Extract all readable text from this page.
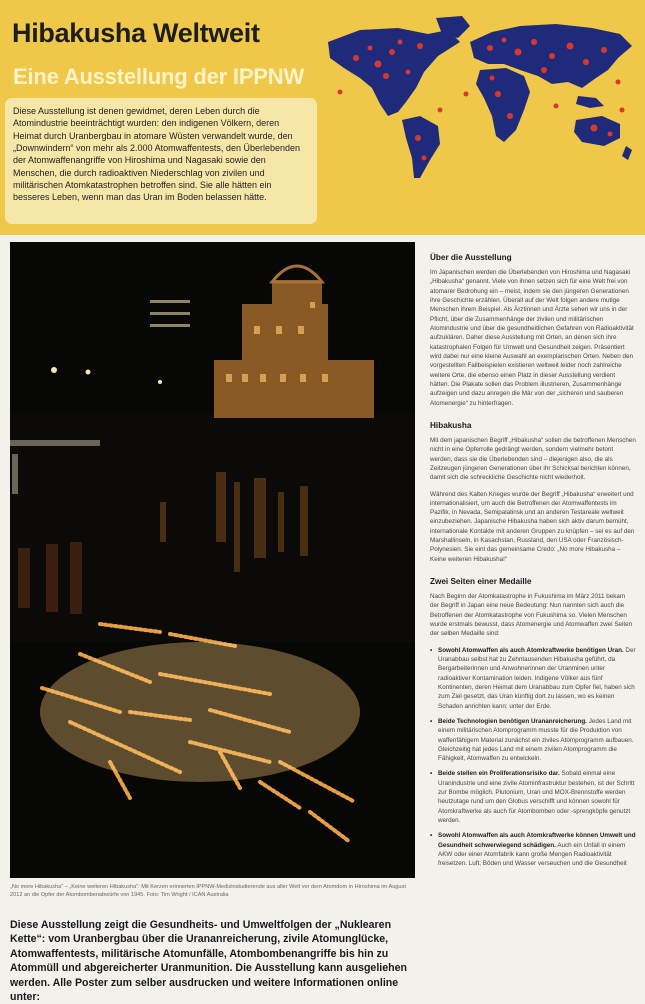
Hibakusha Weltweit
Eine Ausstellung der IPPNW
Diese Ausstellung ist denen gewidmet, deren Leben durch die Atomindustrie beeinträchtigt wurden: den indigenen Völkern, deren Heimat durch Uranbergbau in atomare Wüsten verwandelt wurde, den „Downwindern“ von mehr als 2.000 Atomwaffentests, den Überlebenden der Atomwaffenangriffe von Hiroshima und Nagasaki sowie den Menschen, die durch radioaktiven Niederschlag von zivilen und militärischen Atomkatastrophen betroffen sind. Sie alle hätten ein besseres Leben, wenn man das Uran im Boden belassen hätte.
„No more Hibakusha“ – „Keine weiteren Hibakusha“: Mit Kerzen erinnerten IPPNW-Medizinstudierende aus aller Welt vor dem Atomdom in Hiroshima im August 2012 an die Opfer der Atombombenabwürfe von 1945. Foto: Tim Wright / ICAN Australia
Diese Ausstellung zeigt die Gesundheits- und Umweltfolgen der „Nuklearen Kette“: vom Uranbergbau über die Urananreicherung, zivile Atomunglücke, Atomwaffentests, militärische Atomunfälle, Atombombenangriffe bis hin zu Atommüll und abgereicherter Uranmunition. Die Ausstellung kann ausgeliehen werden. Alle Poster zum selber ausdrucken und weitere Informationen online unter:
Über die Ausstellung

Im Japanischen werden die Überlebenden von Hiroshima und Nagasaki „Hibakusha“ genannt. Viele von ihnen setzen sich für eine Welt frei von atomarer Bedrohung ein – meist, indem sie den jüngeren Generationen ihre Geschichte erzählen. Überall auf der Welt folgen andere mutige Menschen ihrem Beispiel. Als Ärztinnen und Ärzte sehen wir uns in der Pflicht, über die Zusammenhänge der zivilen und militärischen Atomindustrie und über die gesundheitlichen Gefahren von Radioaktivität aufzuklären. Daher diese Ausstellung mit Orten, an denen sich ihre katastrophalen Folgen für Umwelt und Gesundheit zeigen. Präsentiert wird dabei nur eine kleine Auswahl an exemplarischen Orten. Neben den vorgestellten Fallbeispielen existieren weltweit leider noch zahlreiche weitere Orte, die ebenso einen Platz in dieser Ausstellung verdient hätten. Die Plakate sollen das Problem illustrieren, Zusammenhänge aufzeigen und dazu anregen die Mär von der „sicheren und sauberen Atomenergie“ zu hinterfragen.

Hibakusha

Mit dem japanischen Begriff „Hibakusha“ sollen die betroffenen Menschen nicht in eine Opferrolle gedrängt werden, sondern vielmehr betont werden, dass sie die Überlebenden sind – diejenigen also, die als Zeitzeugen jüngeren Generationen über ihr Schicksal berichten können, damit sich die schreckliche Geschichte nicht wiederholt.

Während des Kalten Krieges wurde der Begriff „Hibakusha“ erweitert und internationalisiert, um auch die Betroffenen der Atomwaffentests im Pazifik, in Nevada, Semipalatinsk und an anderen Testareale weltweit einzubeziehen. Japanische Hibakusha haben sich aktiv darum bemüht, internationale Kontakte mit anderen Gruppen zu knüpfen – sei es auf den Marshallinseln, in Kasachstan, Russland, den USA oder Französisch-Polynesien. Sie eint das gemeinsame Credo: „No more Hibakusha – Keine weiteren Hibakusha!“

Zwei Seiten einer Medaille

Nach Beginn der Atomkatastrophe in Fukushima im März 2011 bekam der Begriff in Japan eine neue Bedeutung: Nun nannten sich auch die Betroffenen der Atomkatastrophe von Fukushima so. Vielen Menschen wurde erstmals bewusst, dass Atomenergie und Atomwaffen zwei Seiten der selben Medaille sind:

• Sowohl Atomwaffen als auch Atomkraftwerke benötigen Uran. Der Uranabbau selbst hat zu Zehntausenden Hibakusha geführt, da Bergarbeiterinnen und Anwohnerinnen der Uranminen unter radioaktiver Kontamination leiden. Indigene Völker aus fünf Kontinenten, deren Heimat dem Uranabbau zum Opfer fiel, haben sich zum Ziel gesetzt, das Uran künftig dort zu lassen, wo es keinen Schaden anrichten kann: unter der Erde.
• Beide Technologien benötigen Urananreicherung. Jedes Land mit einem militärischen Atomprogramm musste für die Produktion von waffenfähigem Material zunächst ein ziviles Atomprogramm aufbauen. Gleichzeitig hat jedes Land mit einem zivilen Atomprogramm die Fähigkeit, Atomwaffen zu entwickeln.
• Beide stellen ein Proliferationsrisiko dar. Sobald einmal eine Uranindustrie und eine zivile Atominfrastruktur bestehen, ist der Schritt zur Bombe möglich. Plutonium, Uran und MOX-Brennstoffe werden heutzutage rund um den Globus verschifft und können sowohl für Atomkraftwerke als auch für Atombomben oder -sprengköpfe genutzt werden.
• Sowohl Atomwaffen als auch Atomkraftwerke können Umwelt und Gesundheit schwerwiegend schädigen. Auch ein Unfall in einem AKW oder einer Atomfabrik kann große Mengen Radioaktivität freisetzen. Luft, Böden und Wasser verseuchen und die Gesundheit
